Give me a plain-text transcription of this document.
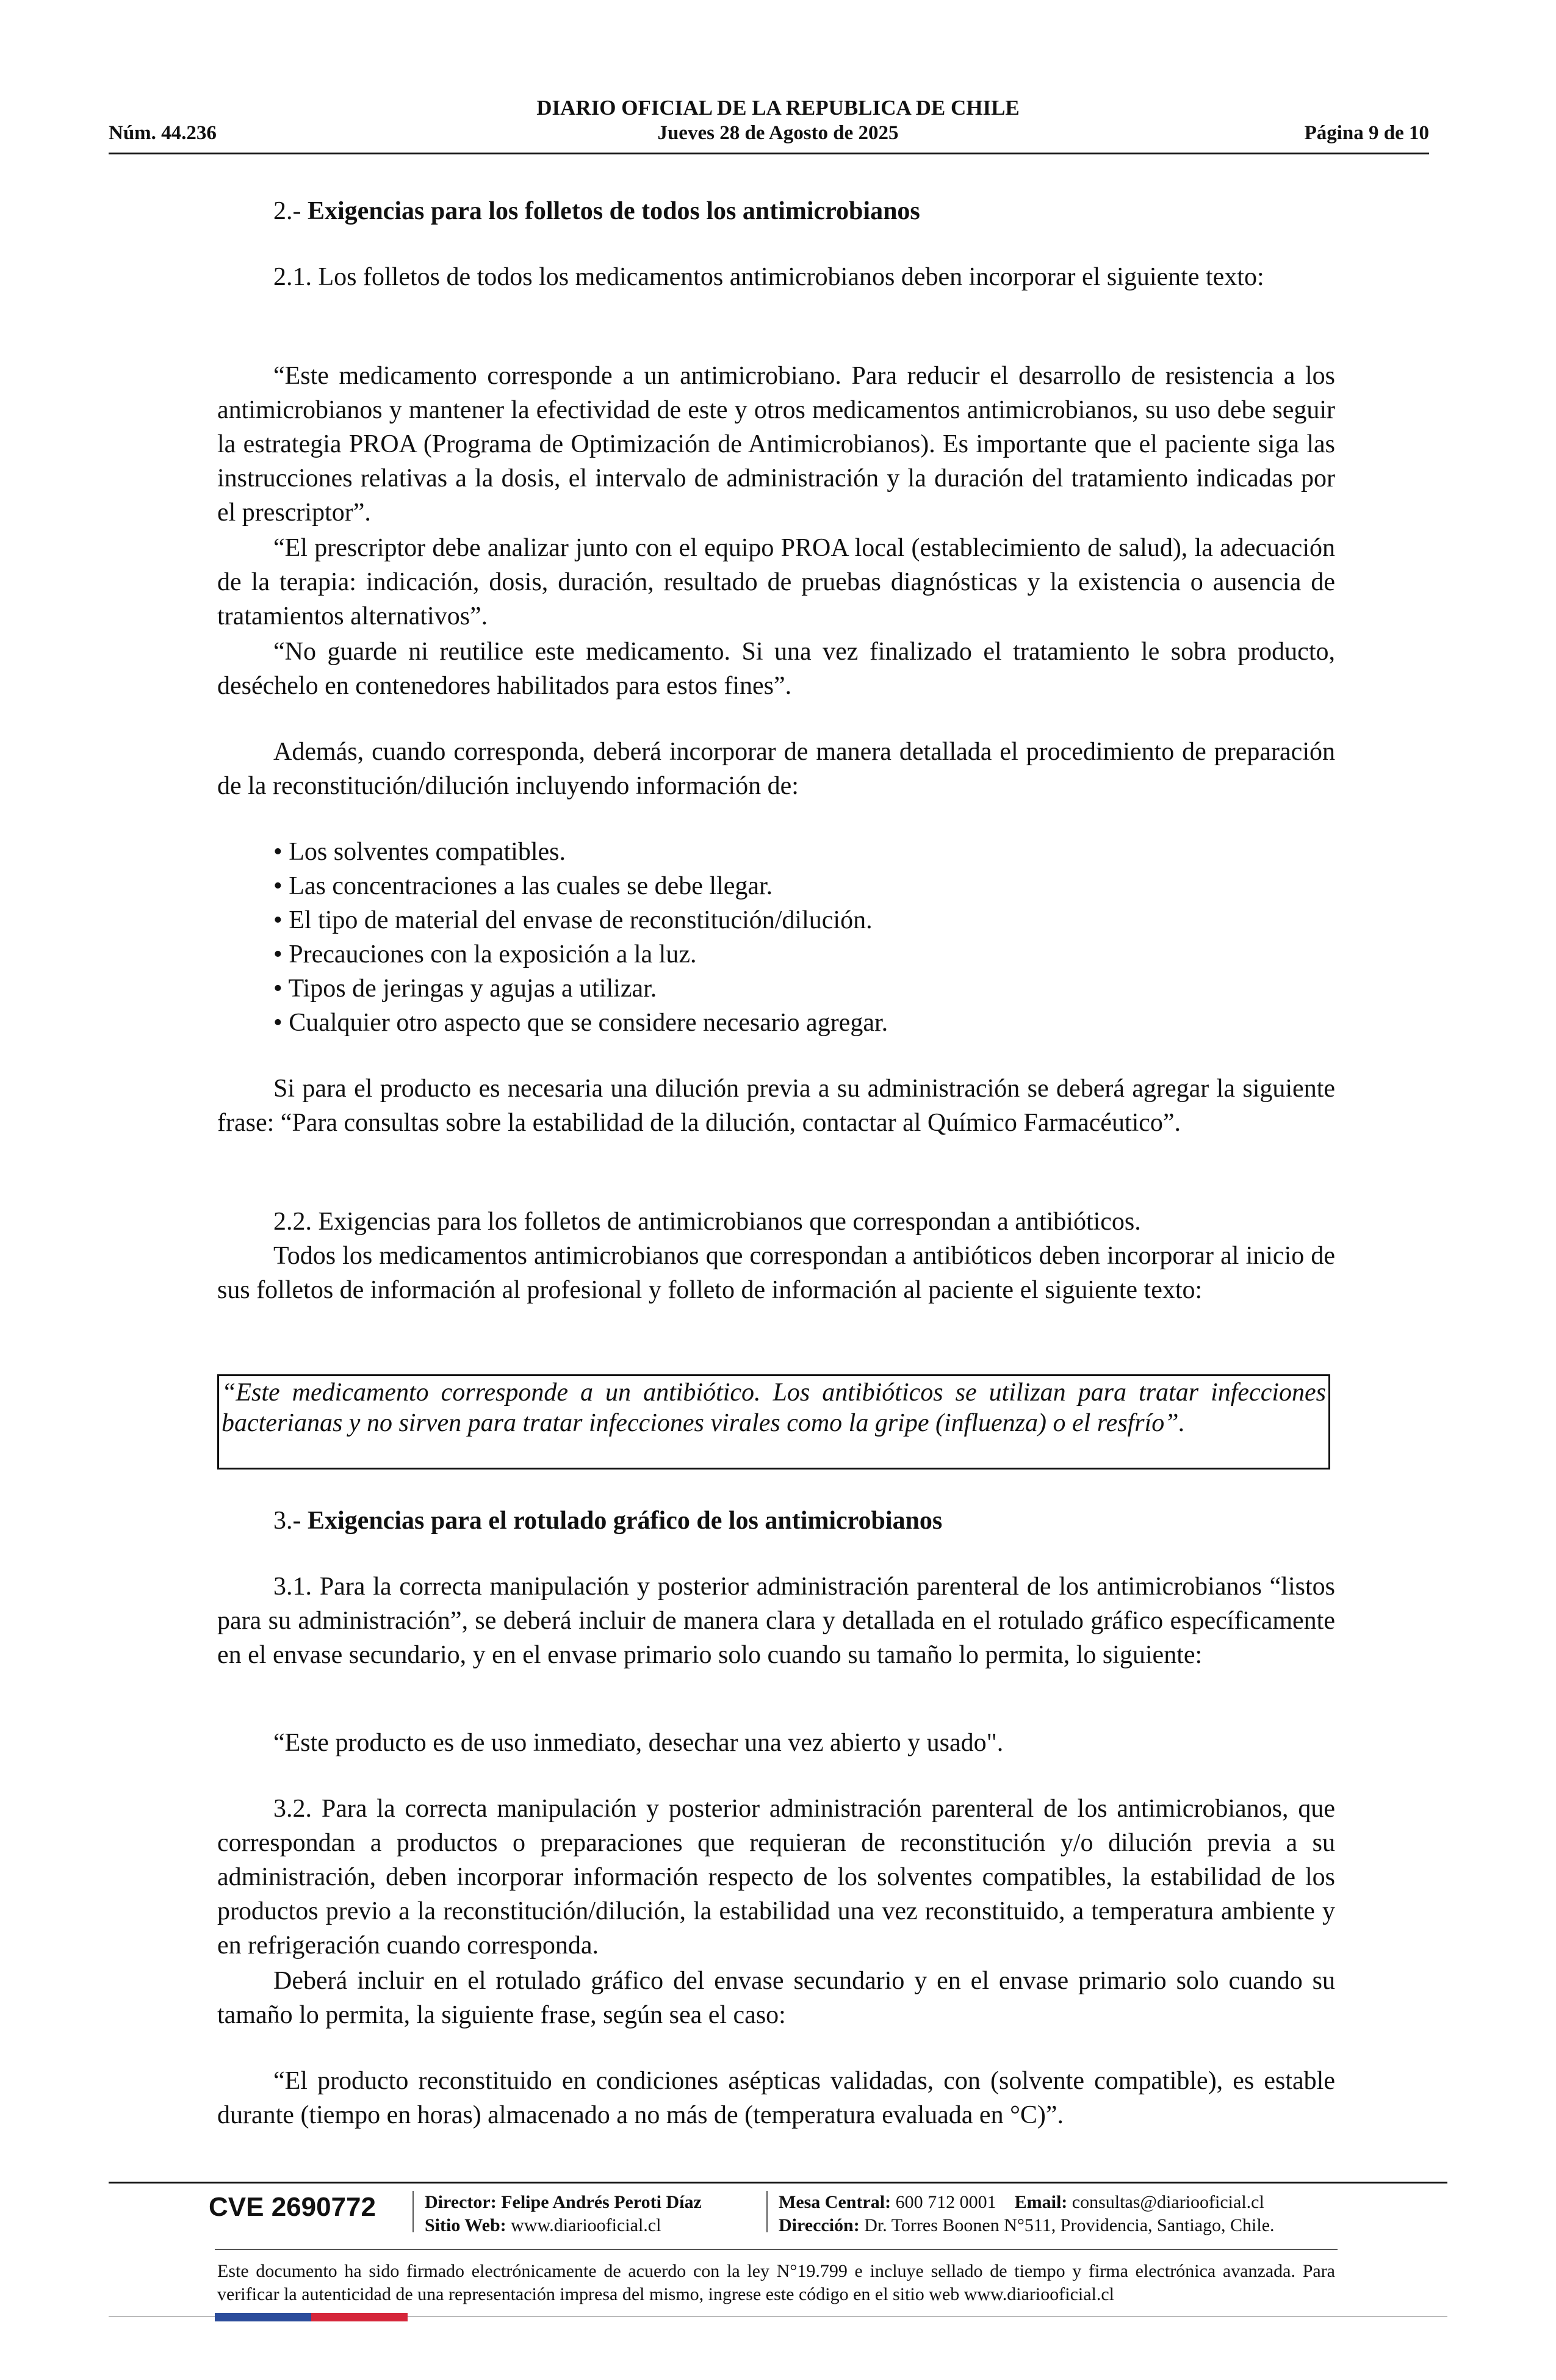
DIARIO OFICIAL DE LA REPUBLICA DE CHILE
Núm. 44.236	Jueves 28 de Agosto de 2025	Página 9 de 10
2.- Exigencias para los folletos de todos los antimicrobianos
2.1. Los folletos de todos los medicamentos antimicrobianos deben incorporar el siguiente texto:
“Este medicamento corresponde a un antimicrobiano. Para reducir el desarrollo de resistencia a los antimicrobianos y mantener la efectividad de este y otros medicamentos antimicrobianos, su uso debe seguir la estrategia PROA (Programa de Optimización de Antimicrobianos). Es importante que el paciente siga las instrucciones relativas a la dosis, el intervalo de administración y la duración del tratamiento indicadas por el prescriptor”.
“El prescriptor debe analizar junto con el equipo PROA local (establecimiento de salud), la adecuación de la terapia: indicación, dosis, duración, resultado de pruebas diagnósticas y la existencia o ausencia de tratamientos alternativos”.
“No guarde ni reutilice este medicamento. Si una vez finalizado el tratamiento le sobra producto, deséchelo en contenedores habilitados para estos fines”.
Además, cuando corresponda, deberá incorporar de manera detallada el procedimiento de preparación de la reconstitución/dilución incluyendo información de:
• Los solventes compatibles.
• Las concentraciones a las cuales se debe llegar.
• El tipo de material del envase de reconstitución/dilución.
• Precauciones con la exposición a la luz.
• Tipos de jeringas y agujas a utilizar.
• Cualquier otro aspecto que se considere necesario agregar.
Si para el producto es necesaria una dilución previa a su administración se deberá agregar la siguiente frase: “Para consultas sobre la estabilidad de la dilución, contactar al Químico Farmacéutico”.
2.2. Exigencias para los folletos de antimicrobianos que correspondan a antibióticos.
Todos los medicamentos antimicrobianos que correspondan a antibióticos deben incorporar al inicio de sus folletos de información al profesional y folleto de información al paciente el siguiente texto:
“Este medicamento corresponde a un antibiótico. Los antibióticos se utilizan para tratar infecciones bacterianas y no sirven para tratar infecciones virales como la gripe (influenza) o el resfrío”.
3.- Exigencias para el rotulado gráfico de los antimicrobianos
3.1. Para la correcta manipulación y posterior administración parenteral de los antimicrobianos “listos para su administración”, se deberá incluir de manera clara y detallada en el rotulado gráfico específicamente en el envase secundario, y en el envase primario solo cuando su tamaño lo permita, lo siguiente:
“Este producto es de uso inmediato, desechar una vez abierto y usado".
3.2. Para la correcta manipulación y posterior administración parenteral de los antimicrobianos, que correspondan a productos o preparaciones que requieran de reconstitución y/o dilución previa a su administración, deben incorporar información respecto de los solventes compatibles, la estabilidad de los productos previo a la reconstitución/dilución, la estabilidad una vez reconstituido, a temperatura ambiente y en refrigeración cuando corresponda.
Deberá incluir en el rotulado gráfico del envase secundario y en el envase primario solo cuando su tamaño lo permita, la siguiente frase, según sea el caso:
“El producto reconstituido en condiciones asépticas validadas, con (solvente compatible), es estable durante (tiempo en horas) almacenado a no más de (temperatura evaluada en °C)”.
CVE 2690772	Director: Felipe Andrés Peroti Díaz
Sitio Web: www.diariooficial.cl
Mesa Central: 600 712 0001 Email: consultas@diariooficial.cl
Dirección: Dr. Torres Boonen N°511, Providencia, Santiago, Chile.
Este documento ha sido firmado electrónicamente de acuerdo con la ley N°19.799 e incluye sellado de tiempo y firma electrónica avanzada. Para verificar la autenticidad de una representación impresa del mismo, ingrese este código en el sitio web www.diariooficial.cl
